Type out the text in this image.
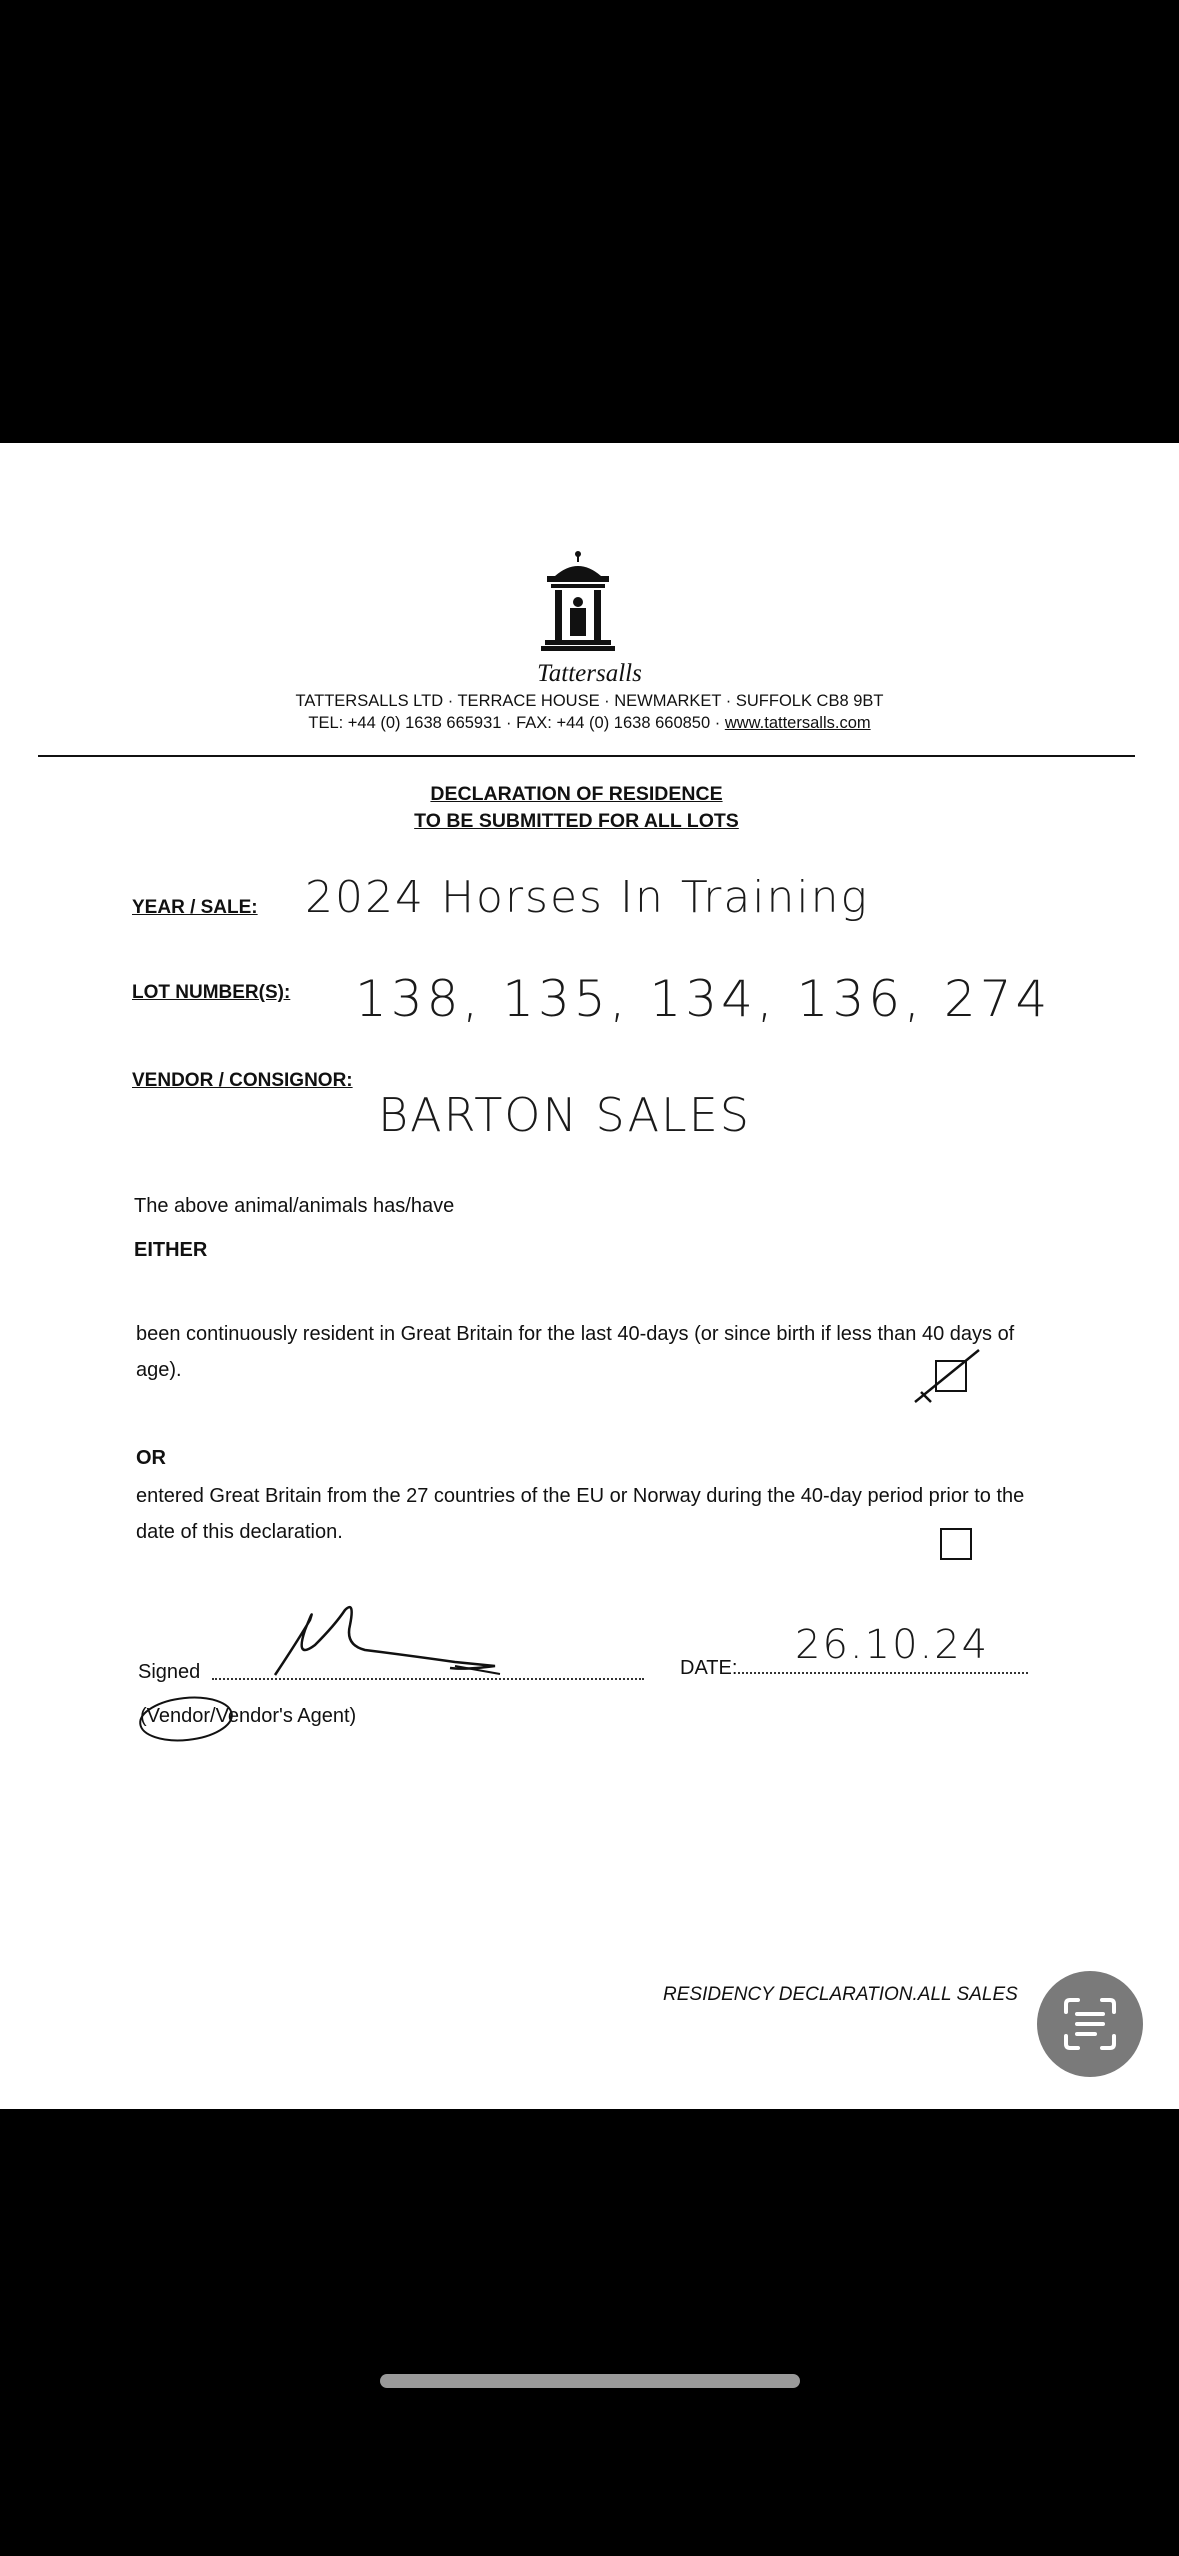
Tattersalls
TATTERSALLS LTD · TERRACE HOUSE · NEWMARKET · SUFFOLK CB8 9BT
TEL: +44 (0) 1638 665931 · FAX: +44 (0) 1638 660850 · www.tattersalls.com
DECLARATION OF RESIDENCE
TO BE SUBMITTED FOR ALL LOTS
YEAR / SALE: 2024 Horses In Training
LOT NUMBER(S): 138, 135, 134, 136, 274
VENDOR / CONSIGNOR:
BARTON SALES
The above animal/animals has/have
EITHER
been continuously resident in Great Britain for the last 40-days (or since birth if less than 40 days of age).
OR
entered Great Britain from the 27 countries of the EU or Norway during the 40-day period prior to the date of this declaration.
Signed	DATE: 26.10.24
(Vendor/Vendor's Agent)
RESIDENCY DECLARATION.ALL SALES
